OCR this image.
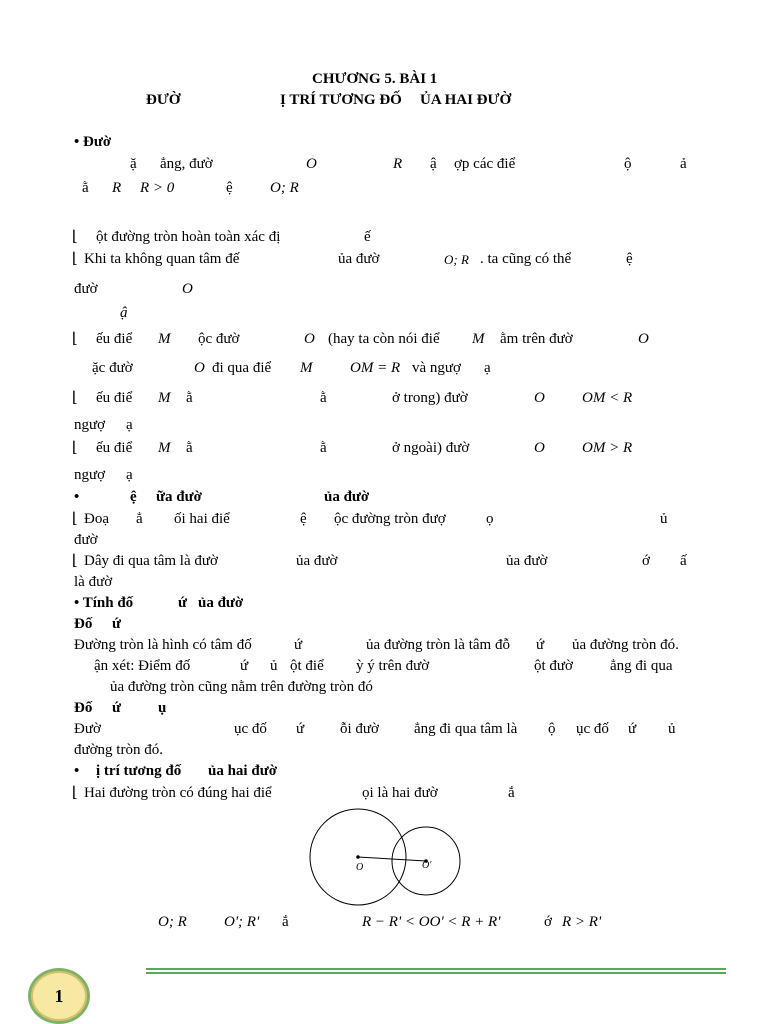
CHƯƠNG 5. BÀI 1
ĐƯỜ	Ị TRÍ TƯƠNG ĐỐ ỦA HAI ĐƯỜ
• Đườ
ặ ẳng, đườ	O	R ậ ợp các điể	ộ	ả
ằ R R > 0	ệ O; R
⌊ ột đường tròn hoàn toàn xác đị	ế
⌊ Khi ta không quan tâm đế	ủa đườ	O; R . ta cũng có thể	ệ
đườ	O
ậ
⌊ ếu điể M ộc đườ	O (hay ta còn nói điể M ằm trên đườ	O
ặc đườ	O đi qua điể M	OM = R và ngượ ạ
⌊ ếu điể M ằ	ằ	ở trong) đườ	O OM < R
ngượ ạ
⌊ ếu điể M ằ	ằ	ở ngoài) đườ	O OM > R
ngượ ạ
•	ệ ữa đườ	ủa đườ
⌊ Đoạ ẳ ối hai điể	ệ ộc đường tròn đượ	ọ	ủ
đườ
⌊ Dây đi qua tâm là đườ	ủa đườ	ủa đườ	ớ ấ
là đườ
• Tính đố	ứ ủa đườ
Đố ứ
Đường tròn là hình có tâm đố	ứ	ủa đường tròn là tâm đỗ ứ ủa đường tròn đó.
ận xét: Điểm đố	ứ ủ ột điể ỳ ý trên đườ	ột đườ ẳng đi qua
ủa đường tròn cũng nằm trên đường tròn đó
Đố ứ ụ
Đườ	ục đố ứ ỗi đườ ẳng đi qua tâm là ộ ục đố ứ ủ
đường tròn đó.
• ị trí tương đố ủa hai đườ
⌊ Hai đường tròn có đúng hai điể	ọi là hai đườ	ắ
O	O'
O; R O'; R' ắ	R − R' < OO' < R + R'	ớ R > R'
1
